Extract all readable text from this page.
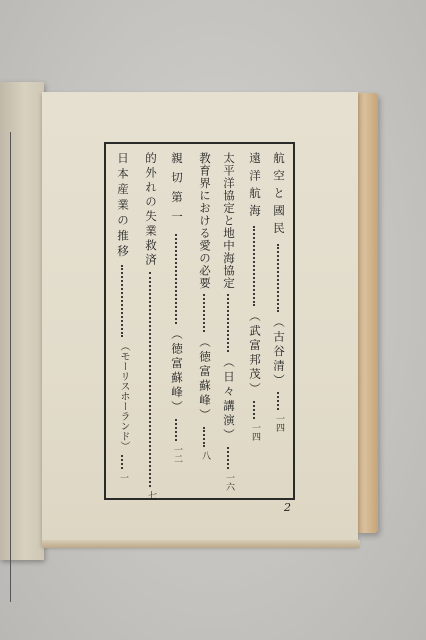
航空と國民
（古谷清）
一四
遠洋航海
（武富邦茂）
一四
太平洋協定と地中海協定
（日々講演）
一六
教育界における愛の必要
（徳富蘇峰）
八
親切第一
（徳富蘇峰）
一二
的外れの失業救済
七
日本産業の推移
（モーリスホーランド）
一
2
